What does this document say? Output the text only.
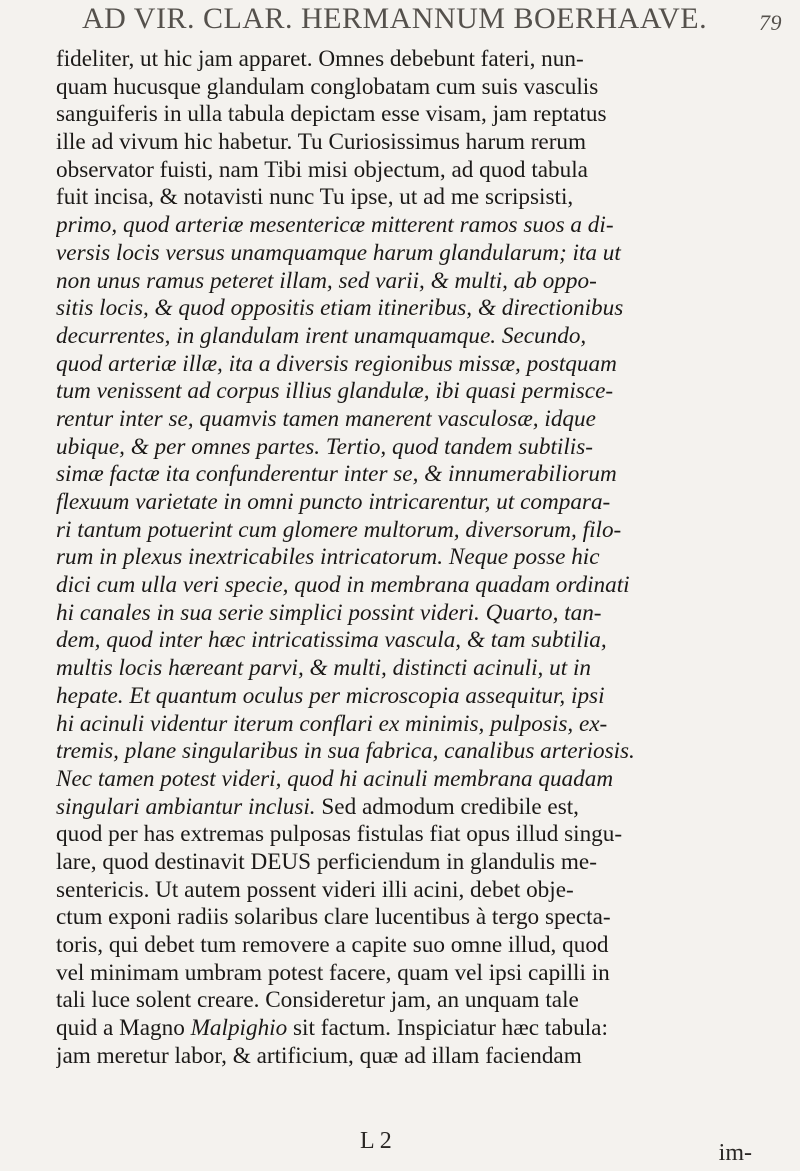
AD VIR. CLAR. HERMANNUM BOERHAAVE. 79
fideliter, ut hic jam apparet. Omnes debebunt fateri, nun-
quam hucusque glandulam conglobatam cum suis vasculis
sanguiferis in ulla tabula depictam esse visam, jam reptatus
ille ad vivum hic habetur. Tu Curiosissimus harum rerum
observator fuisti, nam Tibi misi objectum, ad quod tabula
fuit incisa, & notavisti nunc Tu ipse, ut ad me scripsisti,
primo, quod arteriæ mesentericæ mitterent ramos suos a di-
versis locis versus unamquamque harum glandularum; ita ut
non unus ramus peteret illam, sed varii, & multi, ab oppo-
sitis locis, & quod oppositis etiam itineribus, & directionibus
decurrentes, in glandulam irent unamquamque. Secundo,
quod arteriæ illæ, ita a diversis regionibus missæ, postquam
tum venissent ad corpus illius glandulæ, ibi quasi permisce-
rentur inter se, quamvis tamen manerent vasculosæ, idque
ubique, & per omnes partes. Tertio, quod tandem subtilis-
simæ factæ ita confunderentur inter se, & innumerabiliorum
flexuum varietate in omni puncto intricarentur, ut compara-
ri tantum potuerint cum glomere multorum, diversorum, filo-
rum in plexus inextricabiles intricatorum. Neque posse hic
dici cum ulla veri specie, quod in membrana quadam ordinati
hi canales in sua serie simplici possint videri. Quarto, tan-
dem, quod inter hæc intricatissima vascula, & tam subtilia,
multis locis hæreant parvi, & multi, distincti acinuli, ut in
hepate. Et quantum oculus per microscopia assequitur, ipsi
hi acinuli videntur iterum conflari ex minimis, pulposis, ex-
tremis, plane singularibus in sua fabrica, canalibus arteriosis.
Nec tamen potest videri, quod hi acinuli membrana quadam
singulari ambiantur inclusi. Sed admodum credibile est,
quod per has extremas pulposas fistulas fiat opus illud singu-
lare, quod destinavit DEUS perficiendum in glandulis me-
sentericis. Ut autem possent videri illi acini, debet obje-
ctum exponi radiis solaribus clare lucentibus à tergo specta-
toris, qui debet tum removere a capite suo omne illud, quod
vel minimam umbram potest facere, quam vel ipsi capilli in
tali luce solent creare. Consideretur jam, an unquam tale
quid a Magno Malpighio sit factum. Inspiciatur hæc tabula:
jam meretur labor, & artificium, quæ ad illam faciendam
L 2	im-
